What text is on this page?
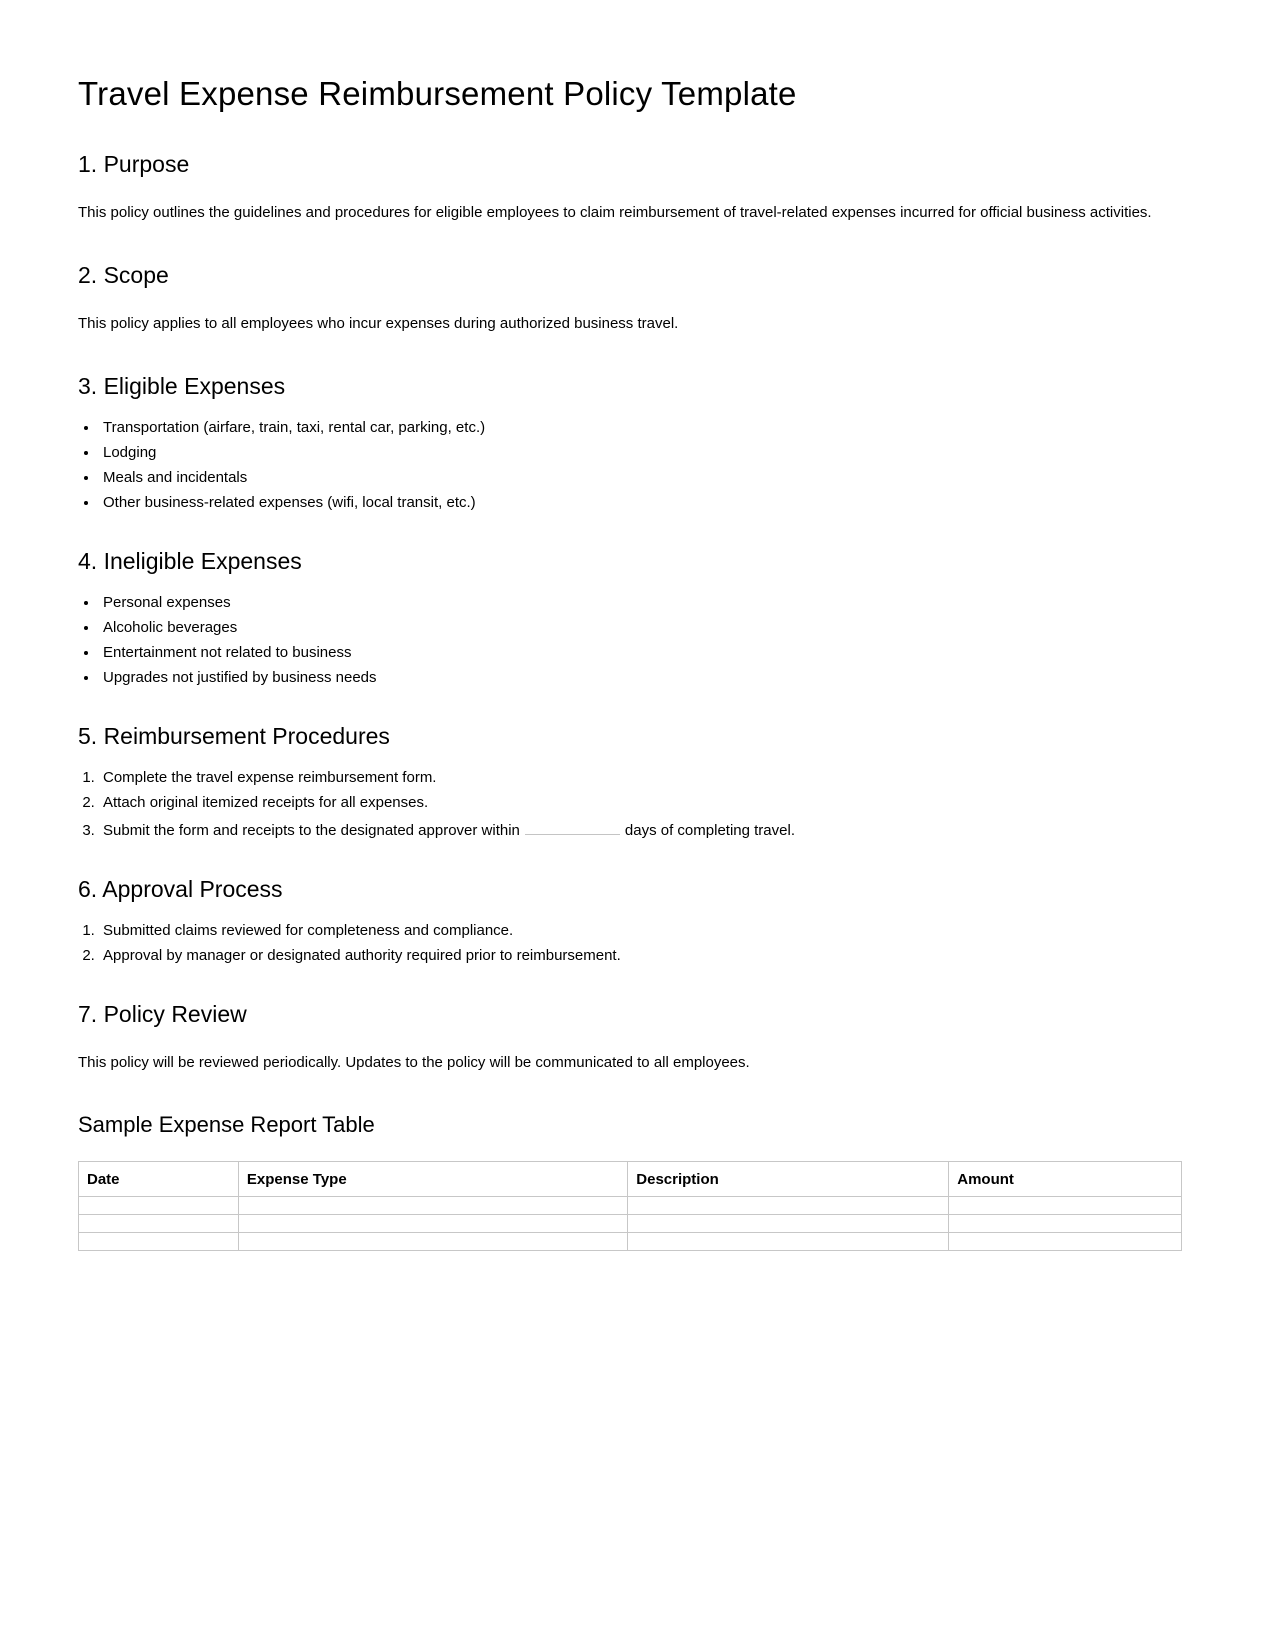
Travel Expense Reimbursement Policy Template
1. Purpose

This policy outlines the guidelines and procedures for eligible employees to claim reimbursement of travel-related expenses incurred for official business activities.

2. Scope

This policy applies to all employees who incur expenses during authorized business travel.

3. Eligible Expenses
• Transportation (airfare, train, taxi, rental car, parking, etc.)
• Lodging
• Meals and incidentals
• Other business-related expenses (wifi, local transit, etc.)
4. Ineligible Expenses
• Personal expenses
• Alcoholic beverages
• Entertainment not related to business
• Upgrades not justified by business needs
5. Reimbursement Procedures
1. Complete the travel expense reimbursement form.
2. Attach original itemized receipts for all expenses.
3. Submit the form and receipts to the designated approver within	days of completing travel.
6. Approval Process
1. Submitted claims reviewed for completeness and compliance.
2. Approval by manager or designated authority required prior to reimbursement.
7. Policy Review

This policy will be reviewed periodically. Updates to the policy will be communicated to all employees.

Sample Expense Report Table
Date	Expense Type	Description	Amount
